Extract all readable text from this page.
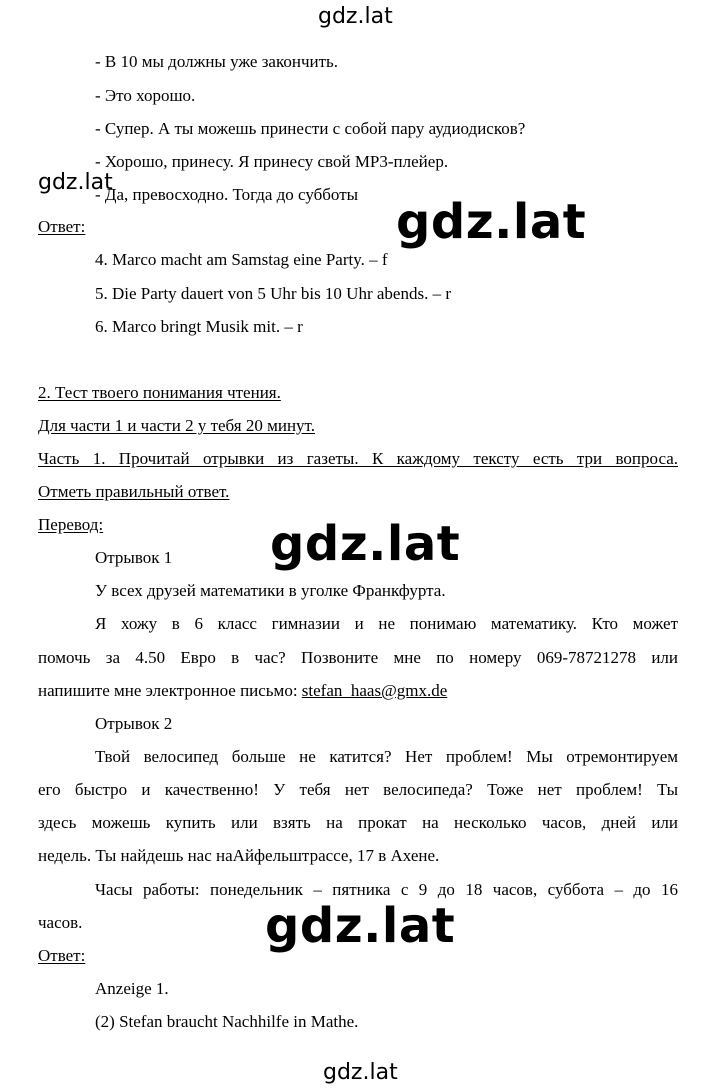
gdz.lat
gdz.lat
gdz.lat
gdz.lat
gdz.lat
gdz.lat
- В 10 мы должны уже закончить.
- Это хорошо.
- Супер. А ты можешь принести с собой пару аудиодисков?
- Хорошо, принесу. Я принесу свой MP3-плейер.
- Да, превосходно. Тогда до субботы
Ответ:
4. Marco macht am Samstag eine Party. – f
5. Die Party dauert von 5 Uhr bis 10 Uhr abends. – r
6. Marco bringt Musik mit. – r
2. Тест твоего понимания чтения.
Для части 1 и части 2 у тебя 20 минут.
Часть 1. Прочитай отрывки из газеты. К каждому тексту есть три вопроса.
Отметь правильный ответ.
Перевод:
Отрывок 1
У всех друзей математики в уголке Франкфурта.
Я хожу в 6 класс гимназии и не понимаю математику. Кто может
помочь за 4.50 Евро в час? Позвоните мне по номеру 069-78721278 или
напишите мне электронное письмо: stefan_haas@gmx.de
Отрывок 2
Твой велосипед больше не катится? Нет проблем! Мы отремонтируем
его быстро и качественно! У тебя нет велосипеда? Тоже нет проблем! Ты
здесь можешь купить или взять на прокат на несколько часов, дней или
недель. Ты найдешь нас наАйфельштрассе, 17 в Ахене.
Часы работы: понедельник – пятника с 9 до 18 часов, суббота – до 16
часов.
Ответ:
Anzeige 1.
(2) Stefan braucht Nachhilfe in Mathe.
